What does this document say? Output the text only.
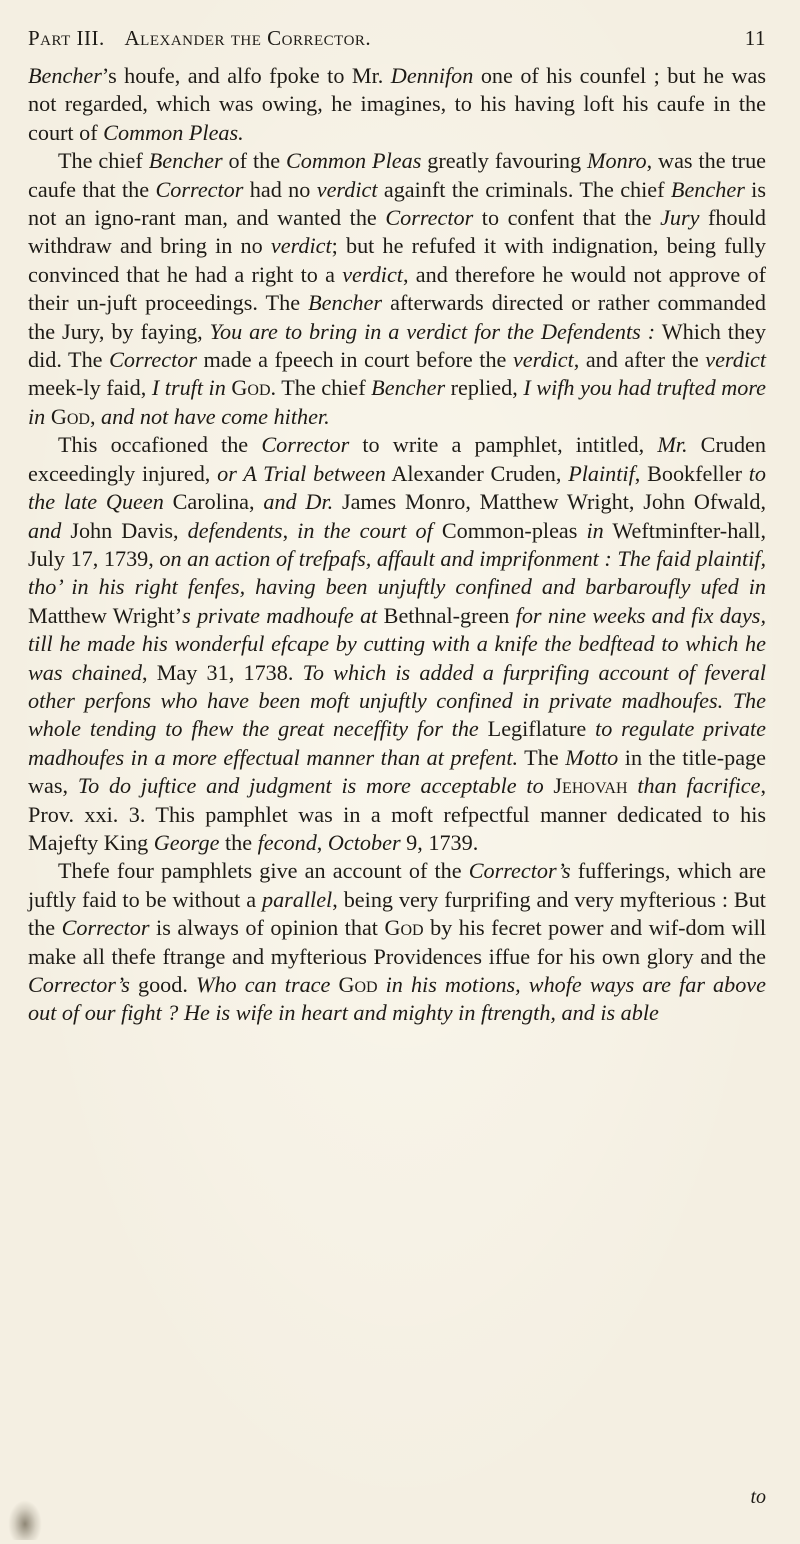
Part III. Alexander the Corrector.	11

Bencher’s houfe, and alfo fpoke to Mr. Dennifon one of his counfel ; but he was not regarded, which was owing, he imagines, to his having loft his caufe in the court of Common Pleas.

The chief Bencher of the Common Pleas greatly favouring Monro, was the true caufe that the Corrector had no verdict againft the criminals. The chief Bencher is not an igno-rant man, and wanted the Corrector to confent that the Jury fhould withdraw and bring in no verdict; but he refufed it with indignation, being fully convinced that he had a right to a verdict, and therefore he would not approve of their un-juft proceedings. The Bencher afterwards directed or rather commanded the Jury, by faying, You are to bring in a verdict for the Defendents : Which they did. The Corrector made a fpeech in court before the verdict, and after the verdict meek-ly faid, I truft in God. The chief Bencher replied, I wifh you had trufted more in God, and not have come hither.

This occafioned the Corrector to write a pamphlet, intitled, Mr. Cruden exceedingly injured, or A Trial between Alexander Cruden, Plaintif, Bookfeller to the late Queen Carolina, and Dr. James Monro, Matthew Wright, John Ofwald, and John Davis, defendents, in the court of Common-pleas in Weftminfter-hall, July 17, 1739, on an action of trefpafs, affault and imprifonment : The faid plaintif, tho’ in his right fenfes, having been unjuftly confined and barbaroufly ufed in Matthew Wright’s private madhoufe at Bethnal-green for nine weeks and fix days, till he made his wonderful efcape by cutting with a knife the bedftead to which he was chained, May 31, 1738. To which is added a furprifing account of feveral other perfons who have been moft unjuftly confined in private madhoufes. The whole tending to fhew the great neceffity for the Legiflature to regulate private madhoufes in a more effectual manner than at prefent. The Motto in the title-page was, To do juftice and judgment is more acceptable to Jehovah than facrifice, Prov. xxi. 3. This pamphlet was in a moft refpectful manner dedicated to his Majefty King George the fecond, October 9, 1739.

Thefe four pamphlets give an account of the Corrector’s fufferings, which are juftly faid to be without a parallel, being very furprifing and very myfterious : But the Corrector is always of opinion that God by his fecret power and wif-dom will make all thefe ftrange and myfterious Providences iffue for his own glory and the Corrector’s good. Who can trace God in his motions, whofe ways are far above out of our fight ? He is wife in heart and mighty in ftrength, and is able

to
